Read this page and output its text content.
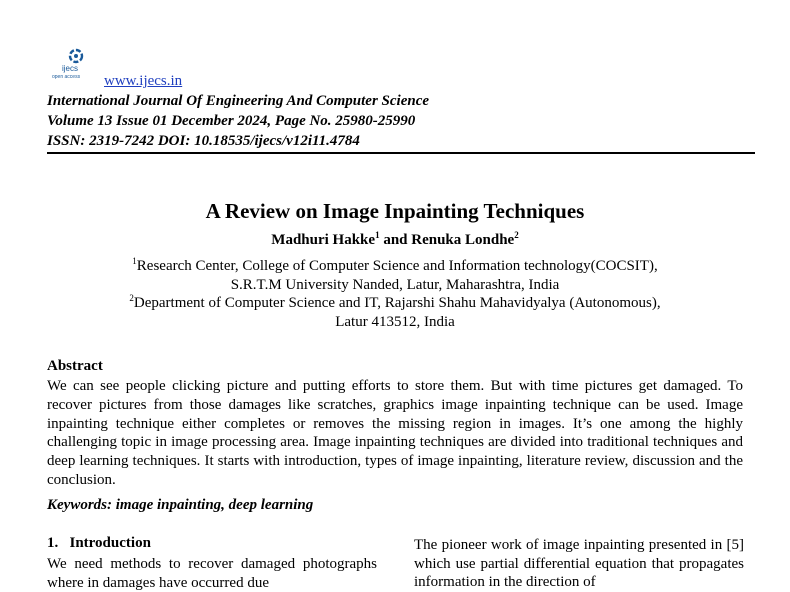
ijecs
open access www.ijecs.in
International Journal Of Engineering And Computer Science
Volume 13 Issue 01 December 2024, Page No. 25980-25990
ISSN: 2319-7242 DOI: 10.18535/ijecs/v12i11.4784
A Review on Image Inpainting Techniques
Madhuri Hakke$^1$ and Renuka Londhe$^2$
$^1$Research Center, College of Computer Science and Information technology(COCSIT),
S.R.T.M University Nanded, Latur, Maharashtra, India
$^2$Department of Computer Science and IT, Rajarshi Shahu Mahavidyalya (Autonomous),
Latur 413512, India
Abstract
We can see people clicking picture and putting efforts to store them. But with time pictures get damaged. To recover pictures from those damages like scratches, graphics image inpainting technique can be used. Image inpainting technique either completes or removes the missing region in images. It’s one among the highly challenging topic in image processing area. Image inpainting techniques are divided into traditional techniques and deep learning techniques. It starts with introduction, types of image inpainting, literature review, discussion and the conclusion.
Keywords: image inpainting, deep learning
1.   Introduction
We need methods to recover damaged photographs where in damages have occurred due
The pioneer work of image inpainting presented in [5] which use partial differential equation that propagates information in the direction of
